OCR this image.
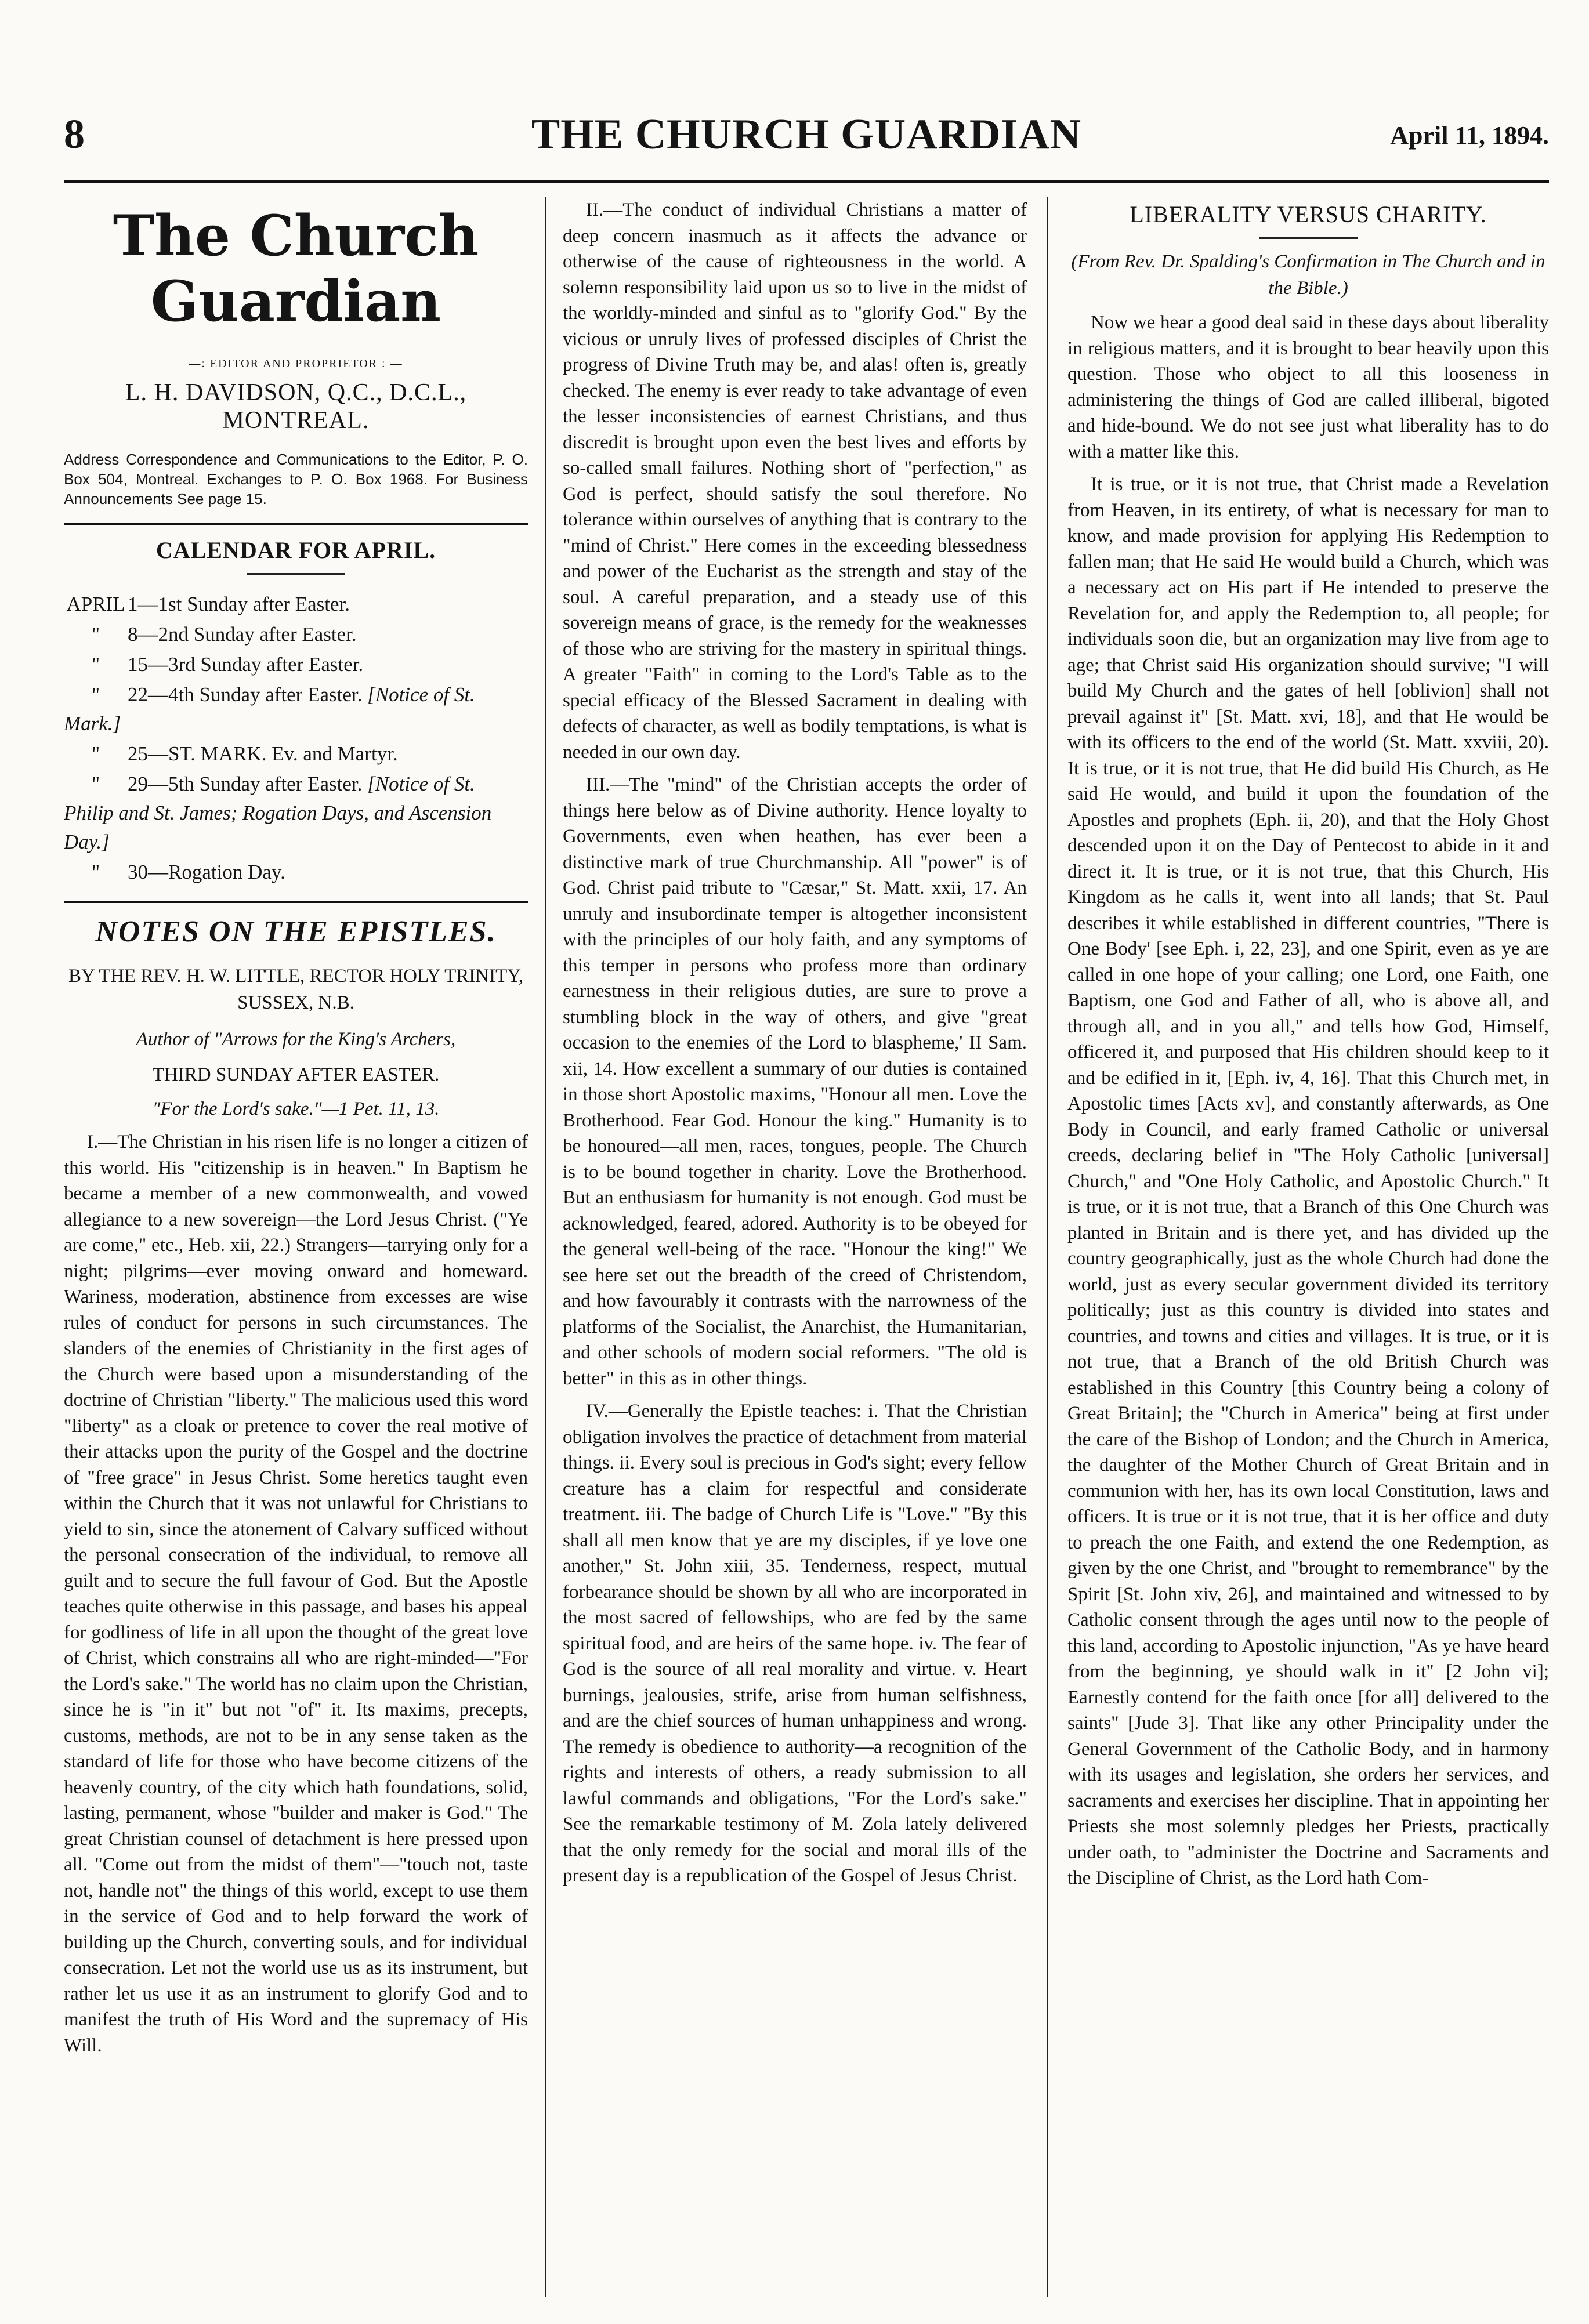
8	THE CHURCH GUARDIAN	April 11, 1894.
The Church Guardian
—: EDITOR AND PROPRIETOR : —
L. H. DAVIDSON, Q.C., D.C.L., MONTREAL.
Address Correspondence and Communications to the Editor, P. O. Box 504, Montreal. Exchanges to P. O. Box 1968. For Business Announcements See page 15.
CALENDAR FOR APRIL.
APRIL 1—1st Sunday after Easter.
" 8—2nd Sunday after Easter.
" 15—3rd Sunday after Easter.
" 22—4th Sunday after Easter. [Notice of St. Mark.]
" 25—ST. MARK. Ev. and Martyr.
" 29—5th Sunday after Easter. [Notice of St. Philip and St. James; Rogation Days, and Ascension Day.]
" 30—Rogation Day.
NOTES ON THE EPISTLES.
BY THE REV. H. W. LITTLE, RECTOR HOLY TRINITY, SUSSEX, N.B.
Author of "Arrows for the King's Archers,
THIRD SUNDAY AFTER EASTER.
"For the Lord's sake."—1 Pet. 11, 13.

I.—The Christian in his risen life is no longer a citizen of this world. His "citizenship is in heaven." In Baptism he became a member of a new commonwealth, and vowed allegiance to a new sovereign—the Lord Jesus Christ. ("Ye are come," etc., Heb. xii, 22.) Strangers—tarrying only for a night; pilgrims—ever moving onward and homeward. Wariness, moderation, abstinence from excesses are wise rules of conduct for persons in such circumstances. The slanders of the enemies of Christianity in the first ages of the Church were based upon a misunderstanding of the doctrine of Christian "liberty." The malicious used this word "liberty" as a cloak or pretence to cover the real motive of their attacks upon the purity of the Gospel and the doctrine of "free grace" in Jesus Christ. Some heretics taught even within the Church that it was not unlawful for Christians to yield to sin, since the atonement of Calvary sufficed without the personal consecration of the individual, to remove all guilt and to secure the full favour of God. But the Apostle teaches quite otherwise in this passage, and bases his appeal for godliness of life in all upon the thought of the great love of Christ, which constrains all who are right-minded—"For the Lord's sake." The world has no claim upon the Christian, since he is "in it" but not "of" it. Its maxims, precepts, customs, methods, are not to be in any sense taken as the standard of life for those who have become citizens of the heavenly country, of the city which hath foundations, solid, lasting, permanent, whose "builder and maker is God." The great Christian counsel of detachment is here pressed upon all. "Come out from the midst of them"—"touch not, taste not, handle not" the things of this world, except to use them in the service of God and to help forward the work of building up the Church, converting souls, and for individual consecration. Let not the world use us as its instrument, but rather let us use it as an instrument to glorify God and to manifest the truth of His Word and the supremacy of His Will.

II.—The conduct of individual Christians a matter of deep concern inasmuch as it affects the advance or otherwise of the cause of righteousness in the world. A solemn responsibility laid upon us so to live in the midst of the worldly-minded and sinful as to "glorify God." By the vicious or unruly lives of professed disciples of Christ the progress of Divine Truth may be, and alas! often is, greatly checked. The enemy is ever ready to take advantage of even the lesser inconsistencies of earnest Christians, and thus discredit is brought upon even the best lives and efforts by so-called small failures. Nothing short of "perfection," as God is perfect, should satisfy the soul therefore. No tolerance within ourselves of anything that is contrary to the "mind of Christ." Here comes in the exceeding blessedness and power of the Eucharist as the strength and stay of the soul. A careful preparation, and a steady use of this sovereign means of grace, is the remedy for the weaknesses of those who are striving for the mastery in spiritual things. A greater "Faith" in coming to the Lord's Table as to the special efficacy of the Blessed Sacrament in dealing with defects of character, as well as bodily temptations, is what is needed in our own day.

III.—The "mind" of the Christian accepts the order of things here below as of Divine authority. Hence loyalty to Governments, even when heathen, has ever been a distinctive mark of true Churchmanship. All "power" is of God. Christ paid tribute to "Cæsar," St. Matt. xxii, 17. An unruly and insubordinate temper is altogether inconsistent with the principles of our holy faith, and any symptoms of this temper in persons who profess more than ordinary earnestness in their religious duties, are sure to prove a stumbling block in the way of others, and give "great occasion to the enemies of the Lord to blaspheme,' II Sam. xii, 14. How excellent a summary of our duties is contained in those short Apostolic maxims, "Honour all men. Love the Brotherhood. Fear God. Honour the king." Humanity is to be honoured—all men, races, tongues, people. The Church is to be bound together in charity. Love the Brotherhood. But an enthusiasm for humanity is not enough. God must be acknowledged, feared, adored. Authority is to be obeyed for the general well-being of the race. "Honour the king!" We see here set out the breadth of the creed of Christendom, and how favourably it contrasts with the narrowness of the platforms of the Socialist, the Anarchist, the Humanitarian, and other schools of modern social reformers. "The old is better" in this as in other things.

IV.—Generally the Epistle teaches: i. That the Christian obligation involves the practice of detachment from material things. ii. Every soul is precious in God's sight; every fellow creature has a claim for respectful and considerate treatment. iii. The badge of Church Life is "Love." "By this shall all men know that ye are my disciples, if ye love one another," St. John xiii, 35. Tenderness, respect, mutual forbearance should be shown by all who are incorporated in the most sacred of fellowships, who are fed by the same spiritual food, and are heirs of the same hope. iv. The fear of God is the source of all real morality and virtue. v. Heart burnings, jealousies, strife, arise from human selfishness, and are the chief sources of human unhappiness and wrong. The remedy is obedience to authority—a recognition of the rights and interests of others, a ready submission to all lawful commands and obligations, "For the Lord's sake." See the remarkable testimony of M. Zola lately delivered that the only remedy for the social and moral ills of the present day is a republication of the Gospel of Jesus Christ.

LIBERALITY VERSUS CHARITY.
(From Rev. Dr. Spalding's Confirmation in The Church and in the Bible.)

Now we hear a good deal said in these days about liberality in religious matters, and it is brought to bear heavily upon this question. Those who object to all this looseness in administering the things of God are called illiberal, bigoted and hide-bound. We do not see just what liberality has to do with a matter like this.

It is true, or it is not true, that Christ made a Revelation from Heaven, in its entirety, of what is necessary for man to know, and made provision for applying His Redemption to fallen man; that He said He would build a Church, which was a necessary act on His part if He intended to preserve the Revelation for, and apply the Redemption to, all people; for individuals soon die, but an organization may live from age to age; that Christ said His organization should survive; "I will build My Church and the gates of hell [oblivion] shall not prevail against it" [St. Matt. xvi, 18], and that He would be with its officers to the end of the world (St. Matt. xxviii, 20). It is true, or it is not true, that He did build His Church, as He said He would, and build it upon the foundation of the Apostles and prophets (Eph. ii, 20), and that the Holy Ghost descended upon it on the Day of Pentecost to abide in it and direct it. It is true, or it is not true, that this Church, His Kingdom as he calls it, went into all lands; that St. Paul describes it while established in different countries, "There is One Body' [see Eph. i, 22, 23], and one Spirit, even as ye are called in one hope of your calling; one Lord, one Faith, one Baptism, one God and Father of all, who is above all, and through all, and in you all," and tells how God, Himself, officered it, and purposed that His children should keep to it and be edified in it, [Eph. iv, 4, 16]. That this Church met, in Apostolic times [Acts xv], and constantly afterwards, as One Body in Council, and early framed Catholic or universal creeds, declaring belief in "The Holy Catholic [universal] Church," and "One Holy Catholic, and Apostolic Church." It is true, or it is not true, that a Branch of this One Church was planted in Britain and is there yet, and has divided up the country geographically, just as the whole Church had done the world, just as every secular government divided its territory politically; just as this country is divided into states and countries, and towns and cities and villages. It is true, or it is not true, that a Branch of the old British Church was established in this Country [this Country being a colony of Great Britain]; the "Church in America" being at first under the care of the Bishop of London; and the Church in America, the daughter of the Mother Church of Great Britain and in communion with her, has its own local Constitution, laws and officers. It is true or it is not true, that it is her office and duty to preach the one Faith, and extend the one Redemption, as given by the one Christ, and "brought to remembrance" by the Spirit [St. John xiv, 26], and maintained and witnessed to by Catholic consent through the ages until now to the people of this land, according to Apostolic injunction, "As ye have heard from the beginning, ye should walk in it" [2 John vi]; Earnestly contend for the faith once [for all] delivered to the saints" [Jude 3]. That like any other Principality under the General Government of the Catholic Body, and in harmony with its usages and legislation, she orders her services, and sacraments and exercises her discipline. That in appointing her Priests she most solemnly pledges her Priests, practically under oath, to "administer the Doctrine and Sacraments and the Discipline of Christ, as the Lord hath Com-
